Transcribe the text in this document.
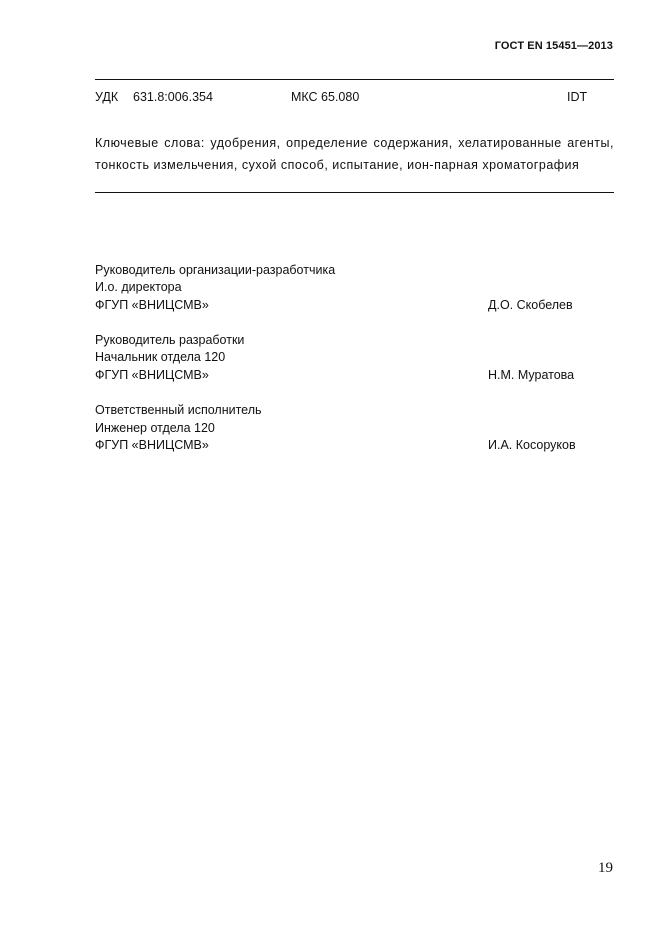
ГОСТ EN 15451—2013
УДК 631.8:006.354	МКС 65.080	IDT
Ключевые слова: удобрения, определение содержания, хелатированные агенты,
тонкость измельчения, сухой способ, испытание, ион-парная хроматография
Руководитель организации-разработчика
И.о. директора
ФГУП «ВНИЦСМВ»	Д.О. Скобелев
Руководитель разработки
Начальник отдела 120
ФГУП «ВНИЦСМВ»	Н.М. Муратова
Ответственный исполнитель
Инженер отдела 120
ФГУП «ВНИЦСМВ»	И.А. Косоруков
19
